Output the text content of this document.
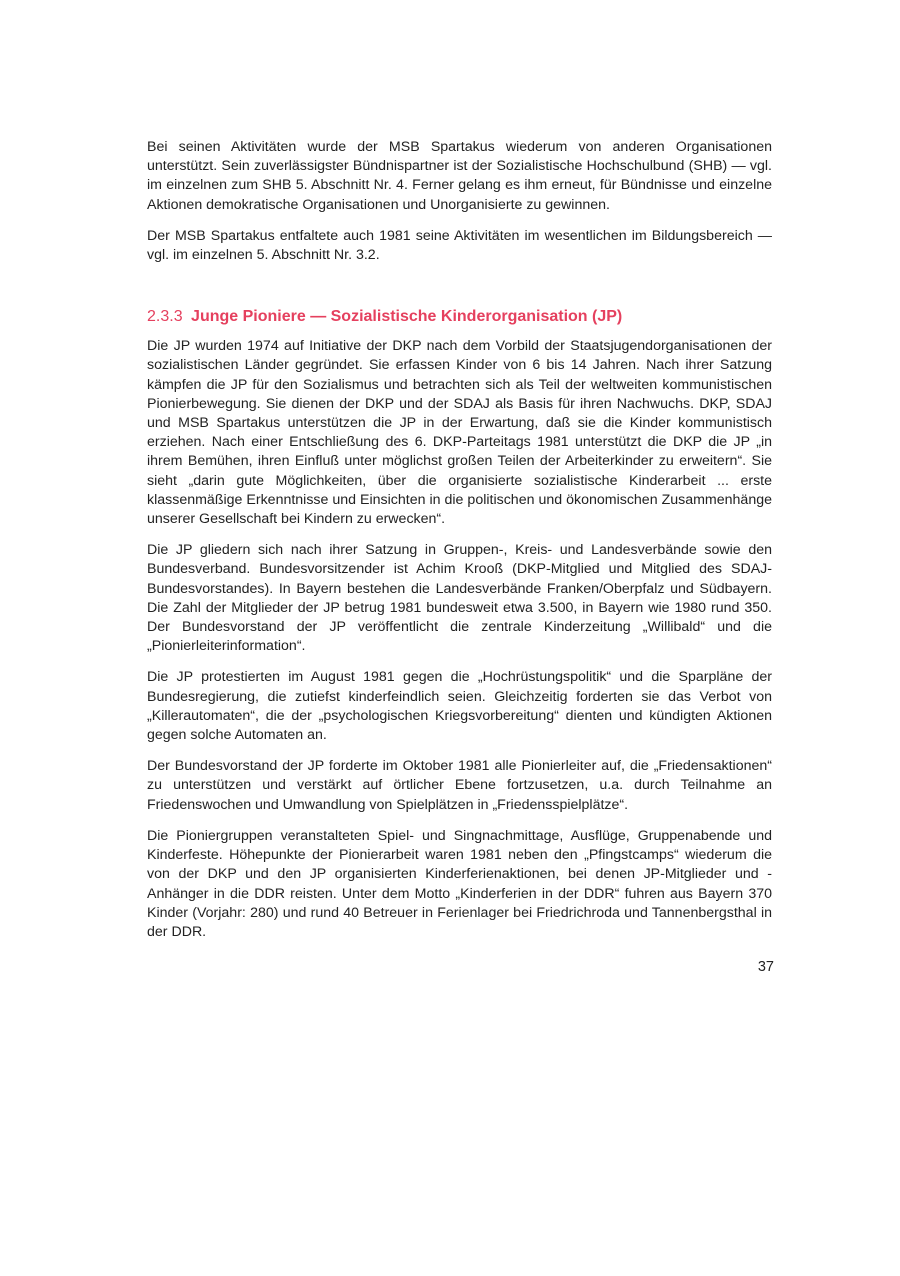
Bei seinen Aktivitäten wurde der MSB Spartakus wiederum von anderen Organisationen unterstützt. Sein zuverlässigster Bündnispartner ist der Sozialistische Hochschulbund (SHB) — vgl. im einzelnen zum SHB 5. Abschnitt Nr. 4. Ferner gelang es ihm erneut, für Bündnisse und einzelne Aktionen demokratische Organisationen und Unorganisierte zu gewinnen.

Der MSB Spartakus entfaltete auch 1981 seine Aktivitäten im wesentlichen im Bildungsbereich — vgl. im einzelnen 5. Abschnitt Nr. 3.2.

2.3.3 Junge Pioniere — Sozialistische Kinderorganisation (JP)

Die JP wurden 1974 auf Initiative der DKP nach dem Vorbild der Staatsjugendorganisationen der sozialistischen Länder gegründet. Sie erfassen Kinder von 6 bis 14 Jahren. Nach ihrer Satzung kämpfen die JP für den Sozialismus und betrachten sich als Teil der weltweiten kommunistischen Pionierbewegung. Sie dienen der DKP und der SDAJ als Basis für ihren Nachwuchs. DKP, SDAJ und MSB Spartakus unterstützen die JP in der Erwartung, daß sie die Kinder kommunistisch erziehen. Nach einer Entschließung des 6. DKP-Parteitags 1981 unterstützt die DKP die JP „in ihrem Bemühen, ihren Einfluß unter möglichst großen Teilen der Arbeiterkinder zu erweitern“. Sie sieht „darin gute Möglichkeiten, über die organisierte sozialistische Kinderarbeit ... erste klassenmäßige Erkenntnisse und Einsichten in die politischen und ökonomischen Zusammenhänge unserer Gesellschaft bei Kindern zu erwecken“.

Die JP gliedern sich nach ihrer Satzung in Gruppen-, Kreis- und Landesverbände sowie den Bundesverband. Bundesvorsitzender ist Achim Krooß (DKP-Mitglied und Mitglied des SDAJ-Bundesvorstandes). In Bayern bestehen die Landesverbände Franken/Oberpfalz und Südbayern. Die Zahl der Mitglieder der JP betrug 1981 bundesweit etwa 3.500, in Bayern wie 1980 rund 350. Der Bundesvorstand der JP veröffentlicht die zentrale Kinderzeitung „Willibald“ und die „Pionierleiterinformation“.

Die JP protestierten im August 1981 gegen die „Hochrüstungspolitik“ und die Sparpläne der Bundesregierung, die zutiefst kinderfeindlich seien. Gleichzeitig forderten sie das Verbot von „Killerautomaten“, die der „psychologischen Kriegsvorbereitung“ dienten und kündigten Aktionen gegen solche Automaten an.

Der Bundesvorstand der JP forderte im Oktober 1981 alle Pionierleiter auf, die „Friedensaktionen“ zu unterstützen und verstärkt auf örtlicher Ebene fortzusetzen, u.a. durch Teilnahme an Friedenswochen und Umwandlung von Spielplätzen in „Friedensspielplätze“.

Die Pioniergruppen veranstalteten Spiel- und Singnachmittage, Ausflüge, Gruppenabende und Kinderfeste. Höhepunkte der Pionierarbeit waren 1981 neben den „Pfingstcamps“ wiederum die von der DKP und den JP organisierten Kinderferienaktionen, bei denen JP-Mitglieder und -Anhänger in die DDR reisten. Unter dem Motto „Kinderferien in der DDR“ fuhren aus Bayern 370 Kinder (Vorjahr: 280) und rund 40 Betreuer in Ferienlager bei Friedrichroda und Tannenbergsthal in der DDR.

37
